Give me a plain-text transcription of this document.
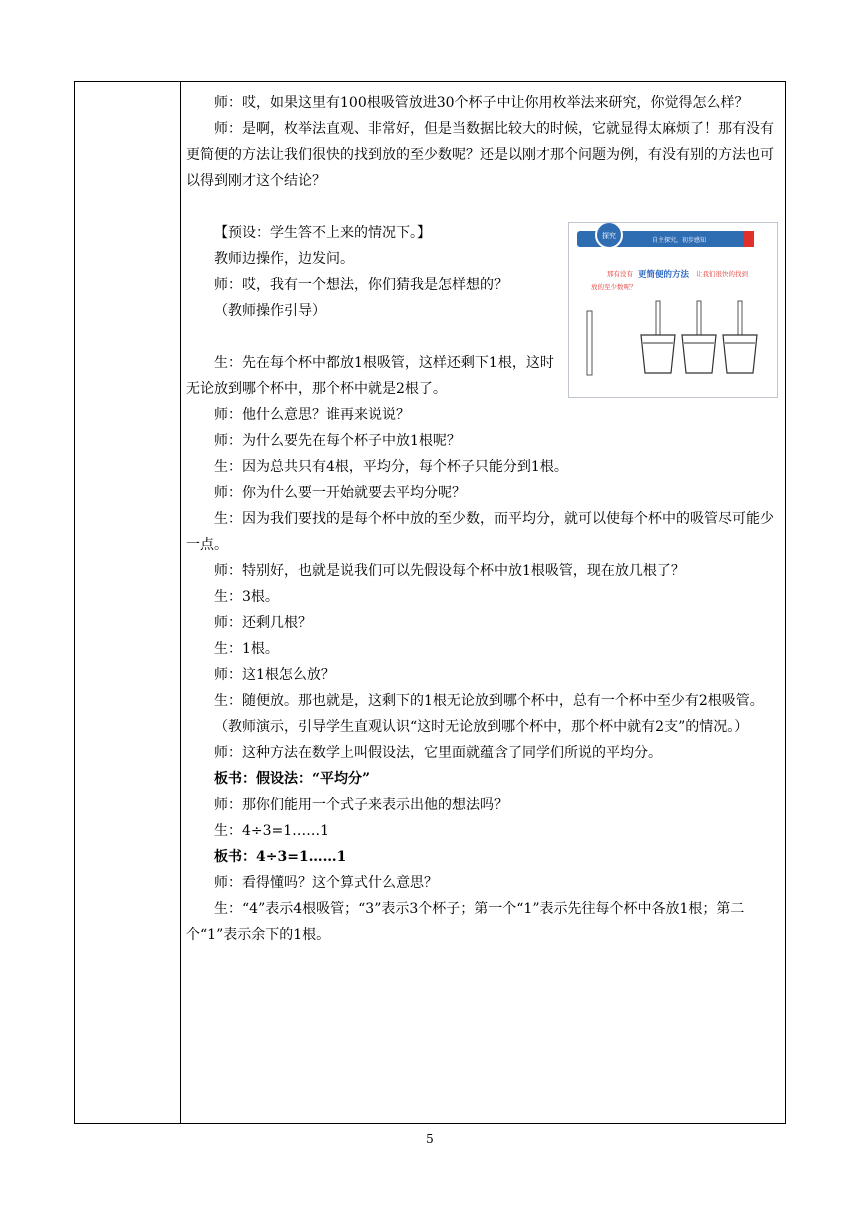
师：哎，如果这里有100根吸管放进30个杯子中让你用枚举法来研究，你觉得怎么样？

师：是啊，枚举法直观、非常好，但是当数据比较大的时候，它就显得太麻烦了！那有没有更简便的方法让我们很快的找到放的至少数呢？还是以刚才那个问题为例，有没有别的方法也可以得到刚才这个结论？

探究
自主探究，初步感知
那有没有 更简便的方法 让我们很快的找到
放的至少数呢？

【预设：学生答不上来的情况下。】

教师边操作，边发问。

师：哎，我有一个想法，你们猜我是怎样想的？

（教师操作引导）

生：先在每个杯中都放1根吸管，这样还剩下1根，这时无论放到哪个杯中，那个杯中就是2根了。

师：他什么意思？谁再来说说？

师：为什么要先在每个杯子中放1根呢？

生：因为总共只有4根，平均分，每个杯子只能分到1根。

师：你为什么要一开始就要去平均分呢？

生：因为我们要找的是每个杯中放的至少数，而平均分，就可以使每个杯中的吸管尽可能少一点。

师：特别好，也就是说我们可以先假设每个杯中放1根吸管，现在放几根了？

生：3根。

师：还剩几根？

生：1根。

师：这1根怎么放？

生：随便放。那也就是，这剩下的1根无论放到哪个杯中，总有一个杯中至少有2根吸管。

（教师演示，引导学生直观认识“这时无论放到哪个杯中，那个杯中就有2支”的情况。）

师：这种方法在数学上叫假设法，它里面就蕴含了同学们所说的平均分。

板书：假设法：“平均分”

师：那你们能用一个式子来表示出他的想法吗？

生：4÷3=1……1

板书：4÷3=1……1

师：看得懂吗？这个算式什么意思？

生：“4”表示4根吸管；“3”表示3个杯子；第一个“1”表示先往每个杯中各放1根；第二个“1”表示余下的1根。

5
